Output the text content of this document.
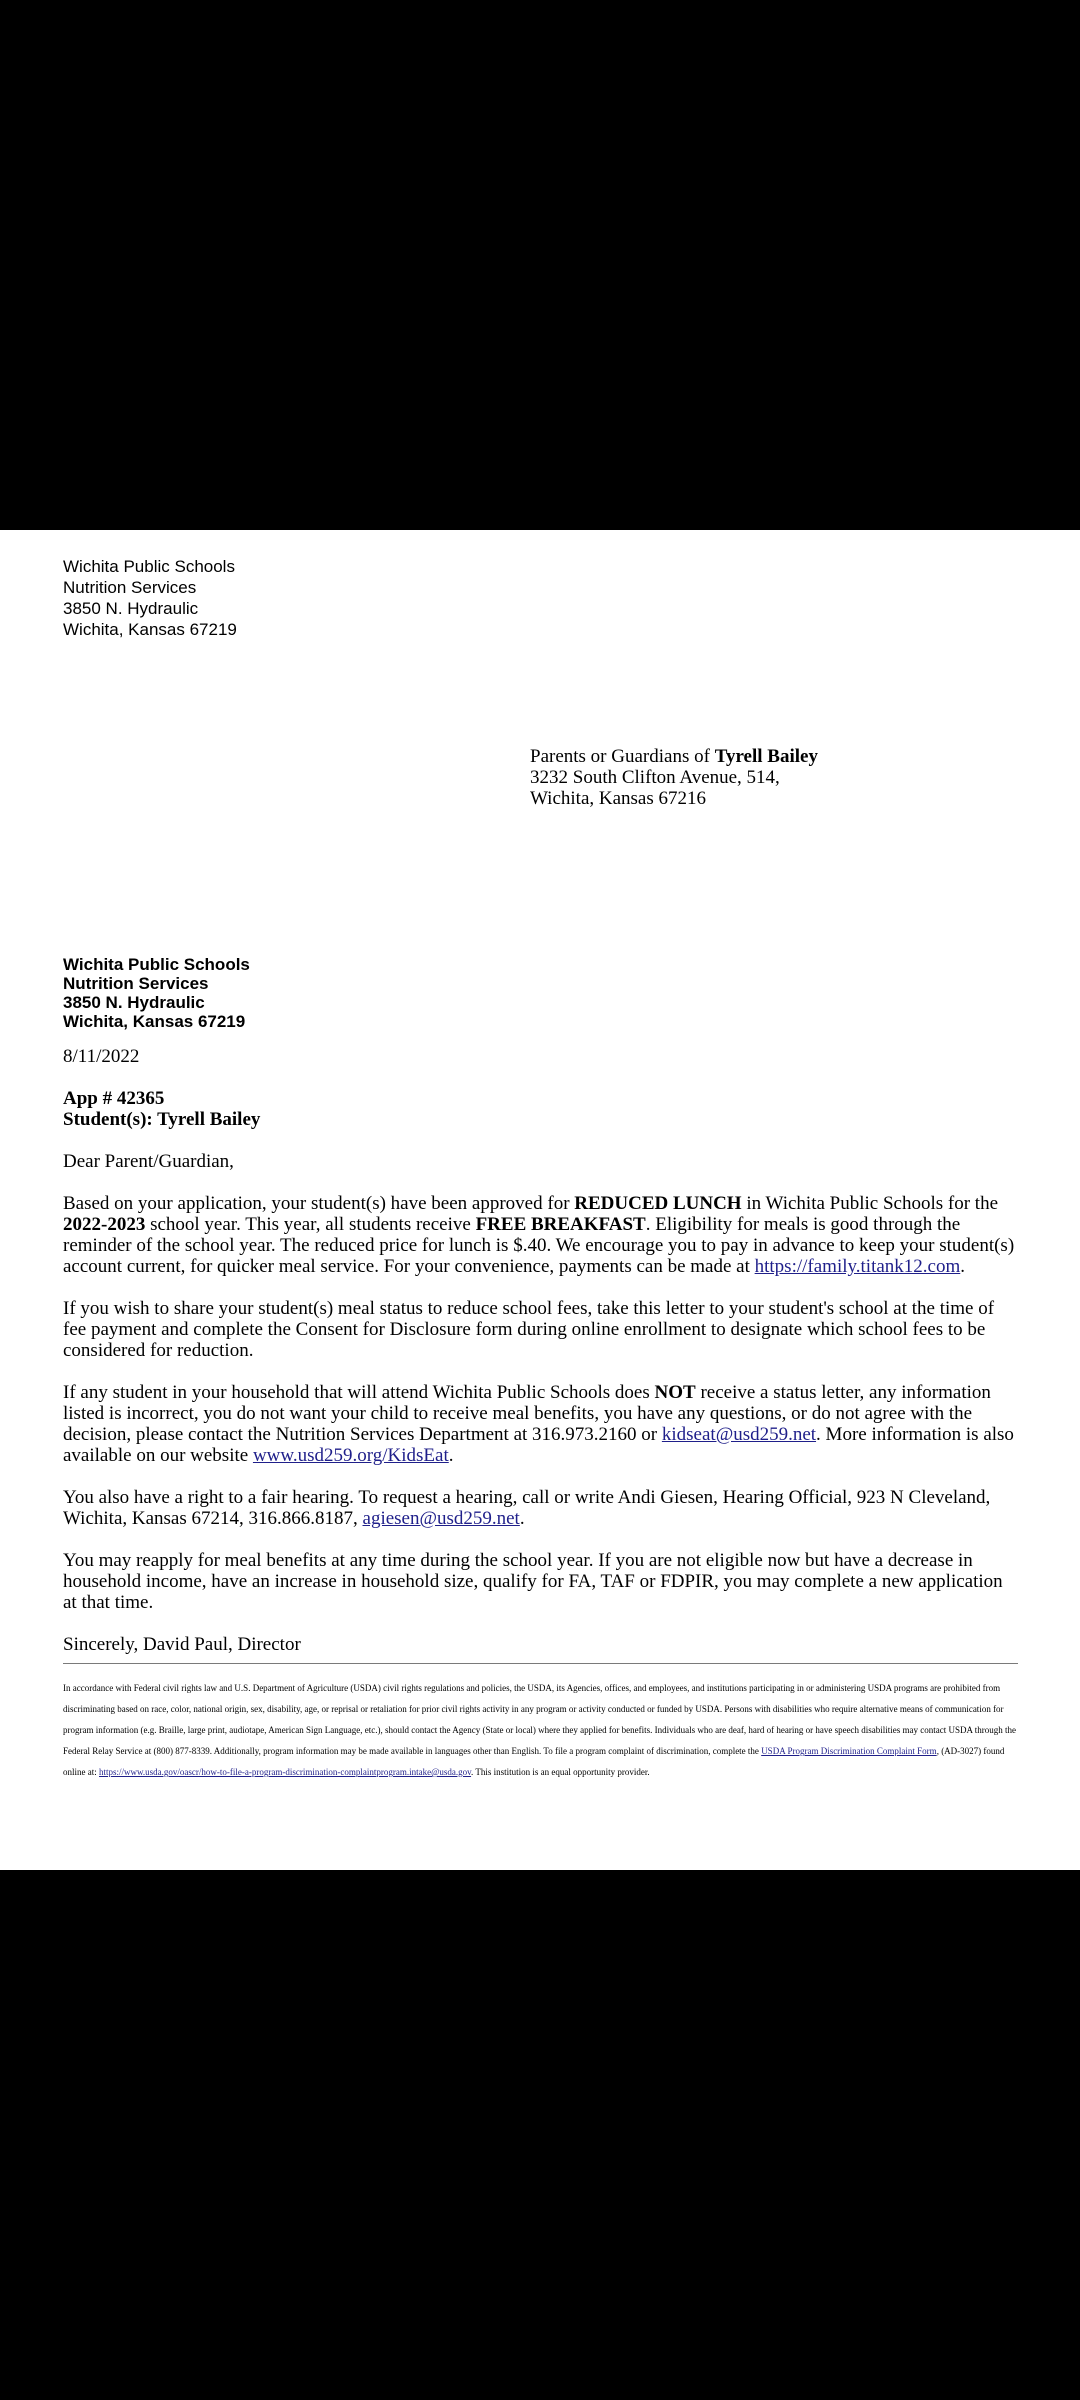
Wichita Public Schools
Nutrition Services
3850 N. Hydraulic
Wichita, Kansas 67219
Parents or Guardians of Tyrell Bailey
3232 South Clifton Avenue, 514,
Wichita, Kansas 67216
Wichita Public Schools
Nutrition Services
3850 N. Hydraulic
Wichita, Kansas 67219

8/11/2022

App # 42365
Student(s): Tyrell Bailey

Dear Parent/Guardian,

Based on your application, your student(s) have been approved for REDUCED LUNCH in Wichita Public Schools for the 2022-2023 school year. This year, all students receive FREE BREAKFAST. Eligibility for meals is good through the reminder of the school year. The reduced price for lunch is $.40. We encourage you to pay in advance to keep your student(s) account current, for quicker meal service. For your convenience, payments can be made at https://family.titank12.com.

If you wish to share your student(s) meal status to reduce school fees, take this letter to your student's school at the time of fee payment and complete the Consent for Disclosure form during online enrollment to designate which school fees to be considered for reduction.

If any student in your household that will attend Wichita Public Schools does NOT receive a status letter, any information listed is incorrect, you do not want your child to receive meal benefits, you have any questions, or do not agree with the decision, please contact the Nutrition Services Department at 316.973.2160 or kidseat@usd259.net. More information is also available on our website www.usd259.org/KidsEat.

You also have a right to a fair hearing. To request a hearing, call or write Andi Giesen, Hearing Official, 923 N Cleveland, Wichita, Kansas 67214, 316.866.8187, agiesen@usd259.net.

You may reapply for meal benefits at any time during the school year. If you are not eligible now but have a decrease in household income, have an increase in household size, qualify for FA, TAF or FDPIR, you may complete a new application at that time.

Sincerely, David Paul, Director

In accordance with Federal civil rights law and U.S. Department of Agriculture (USDA) civil rights regulations and policies, the USDA, its Agencies, offices, and employees, and institutions participating in or administering USDA programs are prohibited from discriminating based on race, color, national origin, sex, disability, age, or reprisal or retaliation for prior civil rights activity in any program or activity conducted or funded by USDA. Persons with disabilities who require alternative means of communication for program information (e.g. Braille, large print, audiotape, American Sign Language, etc.), should contact the Agency (State or local) where they applied for benefits. Individuals who are deaf, hard of hearing or have speech disabilities may contact USDA through the Federal Relay Service at (800) 877-8339. Additionally, program information may be made available in languages other than English. To file a program complaint of discrimination, complete the USDA Program Discrimination Complaint Form, (AD-3027) found online at: https://www.usda.gov/oascr/how-to-file-a-program-discrimination-complaintprogram.intake@usda.gov. This institution is an equal opportunity provider.
